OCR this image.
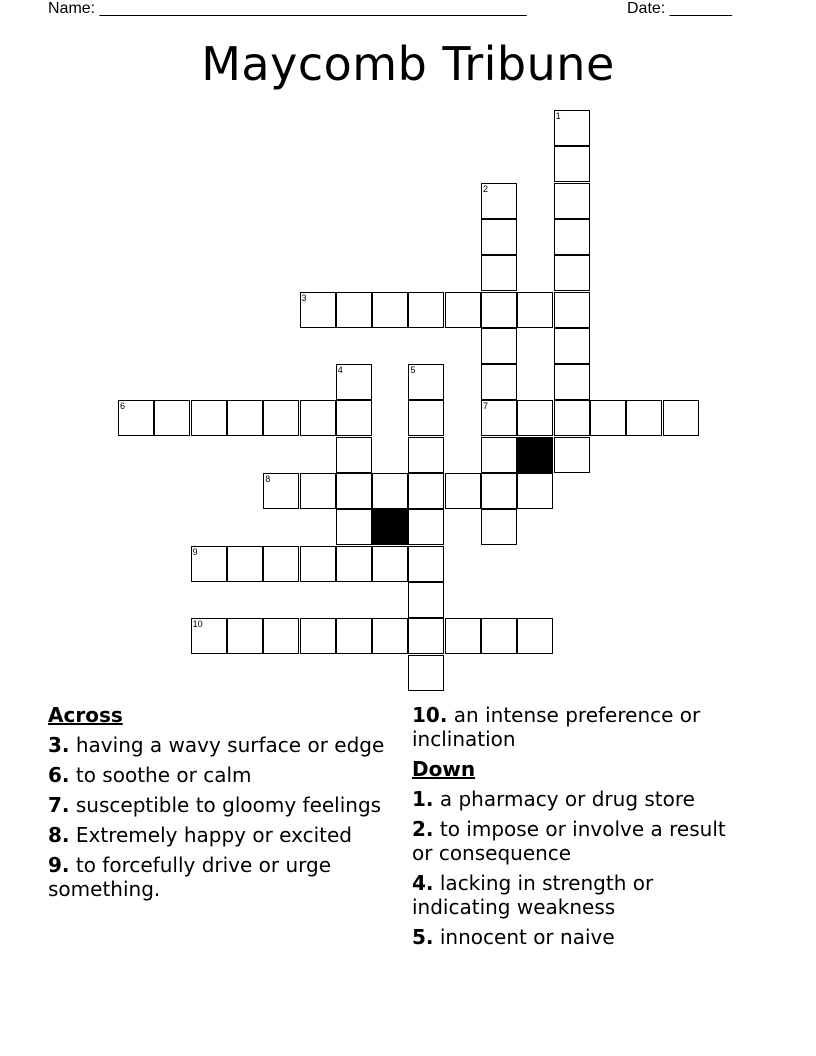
Name: ________________________________________________	Date: _______
Maycomb Tribune
1
2
7
3
4	5
6
8
9
10
Across
3. having a wavy surface or edge
6. to soothe or calm
7. susceptible to gloomy feelings
8. Extremely happy or excited
9. to forcefully drive or urge something.
10. an intense preference or inclination
Down
1. a pharmacy or drug store
2. to impose or involve a result or consequence
4. lacking in strength or indicating weakness
5. innocent or naive
